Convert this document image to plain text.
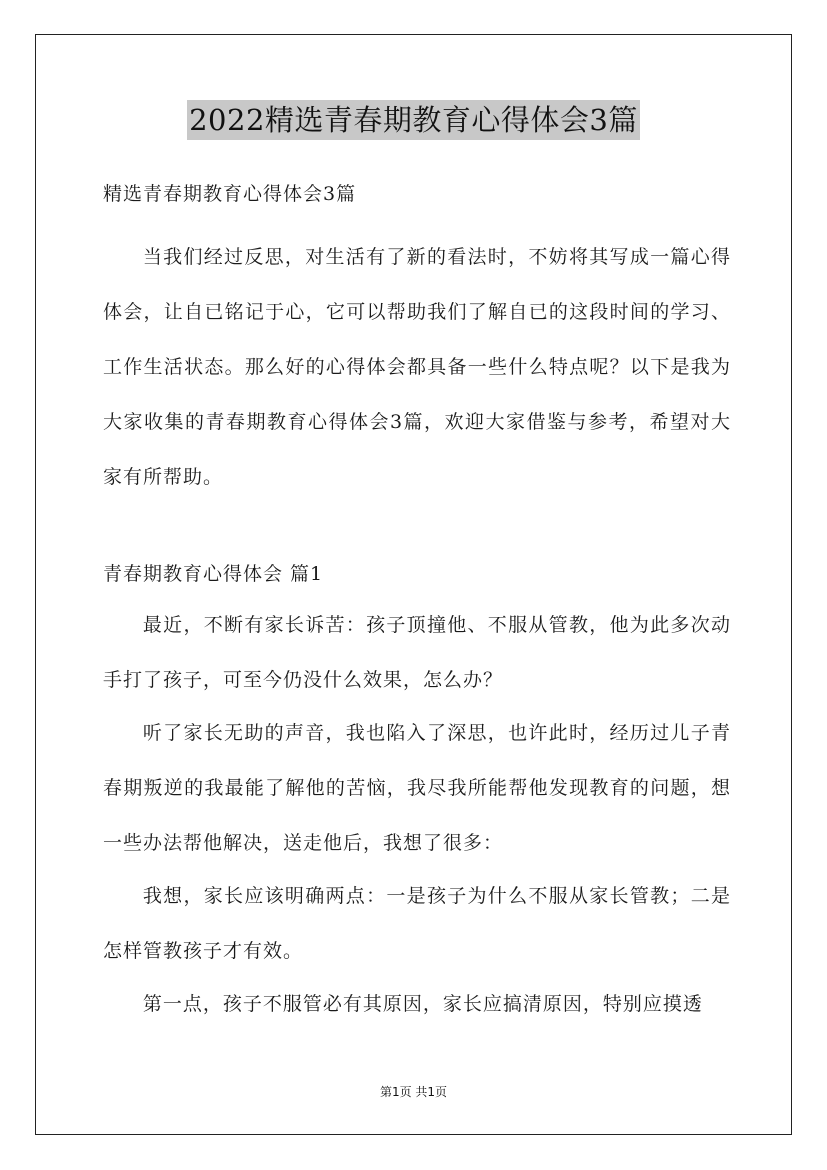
2022精选青春期教育心得体会3篇
精选青春期教育心得体会3篇
当我们经过反思，对生活有了新的看法时，不妨将其写成一篇心得体会，让自已铭记于心，它可以帮助我们了解自已的这段时间的学习、工作生活状态。那么好的心得体会都具备一些什么特点呢？以下是我为大家收集的青春期教育心得体会3篇，欢迎大家借鉴与参考，希望对大家有所帮助。
青春期教育心得体会 篇1
最近，不断有家长诉苦：孩子顶撞他、不服从管教，他为此多次动手打了孩子，可至今仍没什么效果，怎么办？
听了家长无助的声音，我也陷入了深思，也许此时，经历过儿子青春期叛逆的我最能了解他的苦恼，我尽我所能帮他发现教育的问题，想一些办法帮他解决，送走他后，我想了很多：
我想，家长应该明确两点：一是孩子为什么不服从家长管教；二是怎样管教孩子才有效。
第一点，孩子不服管必有其原因，家长应搞清原因，特别应摸透
第1页 共1页
